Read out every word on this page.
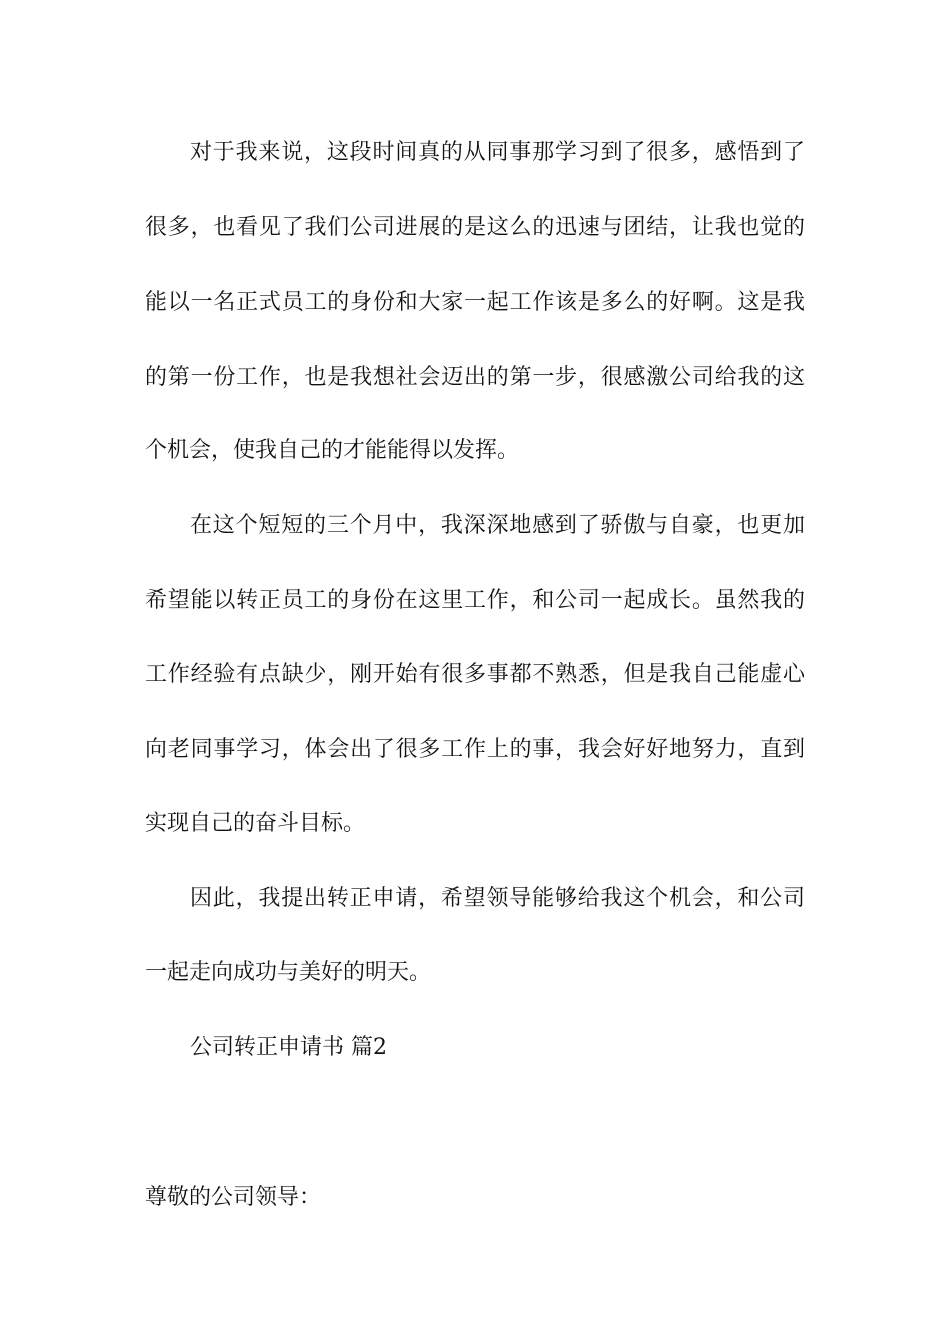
对于我来说，这段时间真的从同事那学习到了很多，感悟到了
很多，也看见了我们公司进展的是这么的迅速与团结，让我也觉的
能以一名正式员工的身份和大家一起工作该是多么的好啊。这是我
的第一份工作，也是我想社会迈出的第一步，很感激公司给我的这
个机会，使我自己的才能能得以发挥。
在这个短短的三个月中，我深深地感到了骄傲与自豪，也更加
希望能以转正员工的身份在这里工作，和公司一起成长。虽然我的
工作经验有点缺少，刚开始有很多事都不熟悉，但是我自己能虚心
向老同事学习，体会出了很多工作上的事，我会好好地努力，直到
实现自己的奋斗目标。
因此，我提出转正申请，希望领导能够给我这个机会，和公司
一起走向成功与美好的明天。
公司转正申请书 篇2
尊敬的公司领导：
